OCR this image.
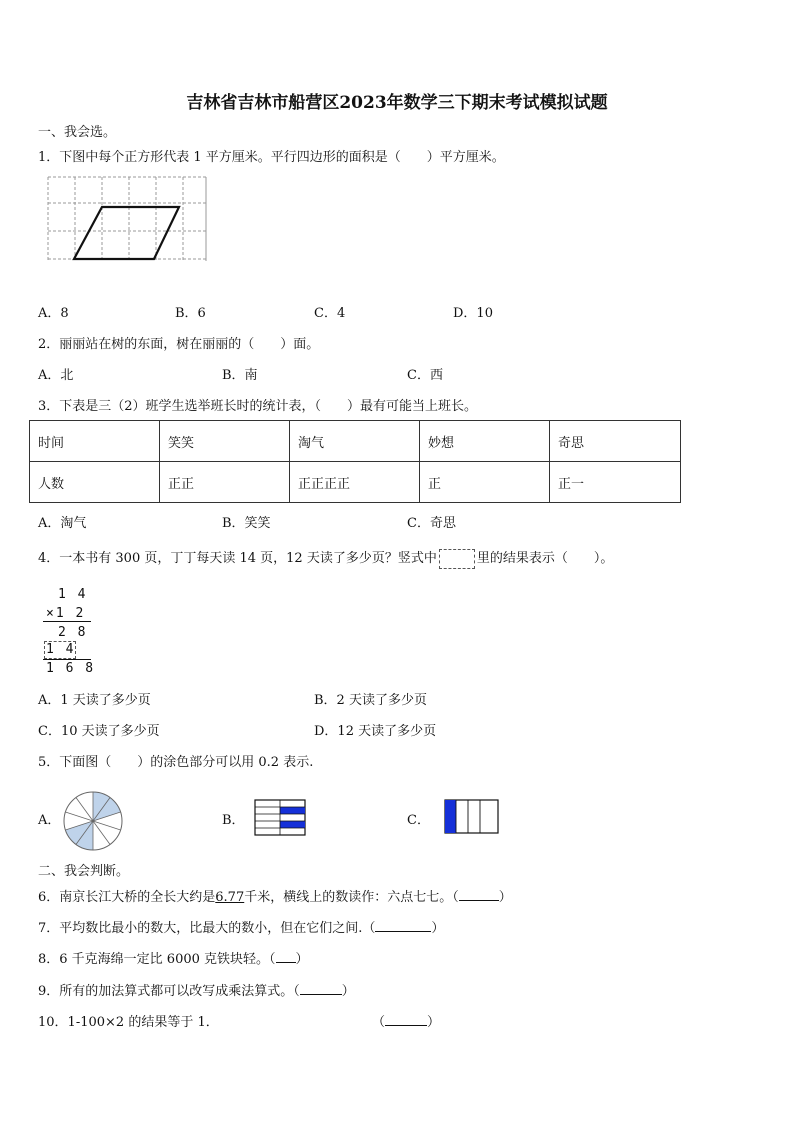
吉林省吉林市船营区2023年数学三下期末考试模拟试题
一、我会选。
1．下图中每个正方形代表 1 平方厘米。平行四边形的面积是（　　）平方厘米。
A．8	B．6	C．4	D．10
2．丽丽站在树的东面，树在丽丽的（　　）面。
A．北	B．南	C．西
3．下表是三（2）班学生选举班长时的统计表，（　　）最有可能当上班长。
时间	笑笑	淘气	妙想	奇思
人数	正正	正正正正	正	正一
A．淘气	B．笑笑	C．奇思
4．一本书有 300 页，丁丁每天读 14 页，12 天读了多少页？竖式中	里的结果表示（　　）。
1 4
×1 2
2 8
1 4
1 6 8
A．1 天读了多少页	B．2 天读了多少页
C．10 天读了多少页	D．12 天读了多少页
5．下面图（　　）的涂色部分可以用 0.2 表示.
A．	B．	C．
二、我会判断。
6．南京长江大桥的全长大约是6.77千米，横线上的数读作：六点七七。（	）
7．平均数比最小的数大，比最大的数小，但在它们之间.（	）
8．6 千克海绵一定比 6000 克铁块轻。（ ）
9．所有的加法算式都可以改写成乘法算式。（	）
10．1-100×2 的结果等于 1．	（	）
